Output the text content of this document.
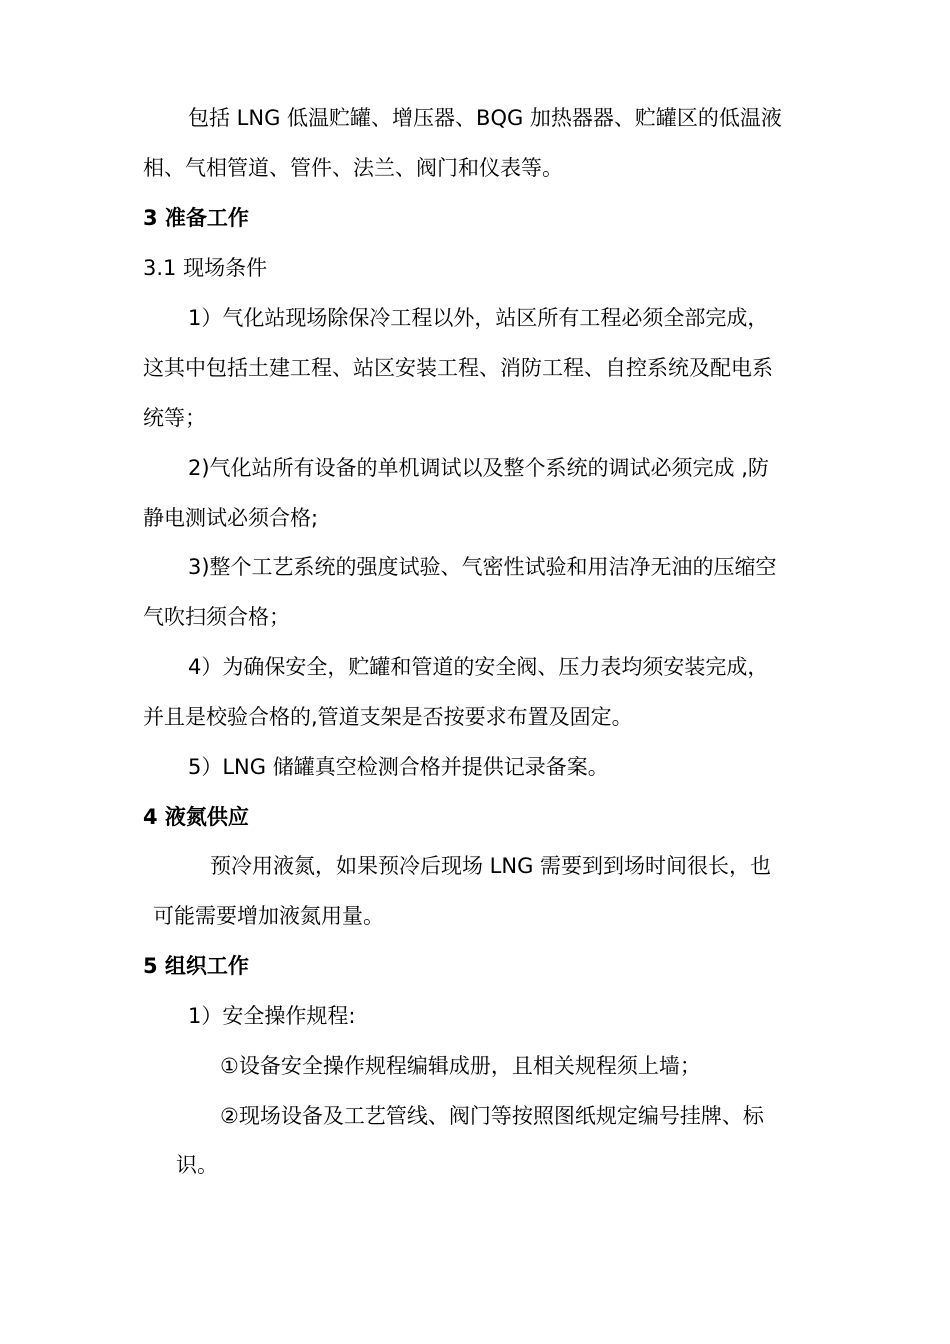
包括 LNG 低温贮罐、增压器、BQG 加热器器、贮罐区的低温液

相、气相管道、管件、法兰、阀门和仪表等。

3 准备工作

3.1 现场条件

1）气化站现场除保冷工程以外，站区所有工程必须全部完成，

这其中包括土建工程、站区安装工程、消防工程、自控系统及配电系

统等；

2)气化站所有设备的单机调试以及整个系统的调试必须完成 ,防

静电测试必须合格;

3)整个工艺系统的强度试验、气密性试验和用洁净无油的压缩空

气吹扫须合格；

4）为确保安全，贮罐和管道的安全阀、压力表均须安装完成，

并且是校验合格的,管道支架是否按要求布置及固定。

5）LNG 储罐真空检测合格并提供记录备案。

4 液氮供应

预冷用液氮，如果预冷后现场 LNG 需要到到场时间很长，也

可能需要增加液氮用量。

5 组织工作

1）安全操作规程:

①设备安全操作规程编辑成册，且相关规程须上墙；

②现场设备及工艺管线、阀门等按照图纸规定编号挂牌、标

识。
